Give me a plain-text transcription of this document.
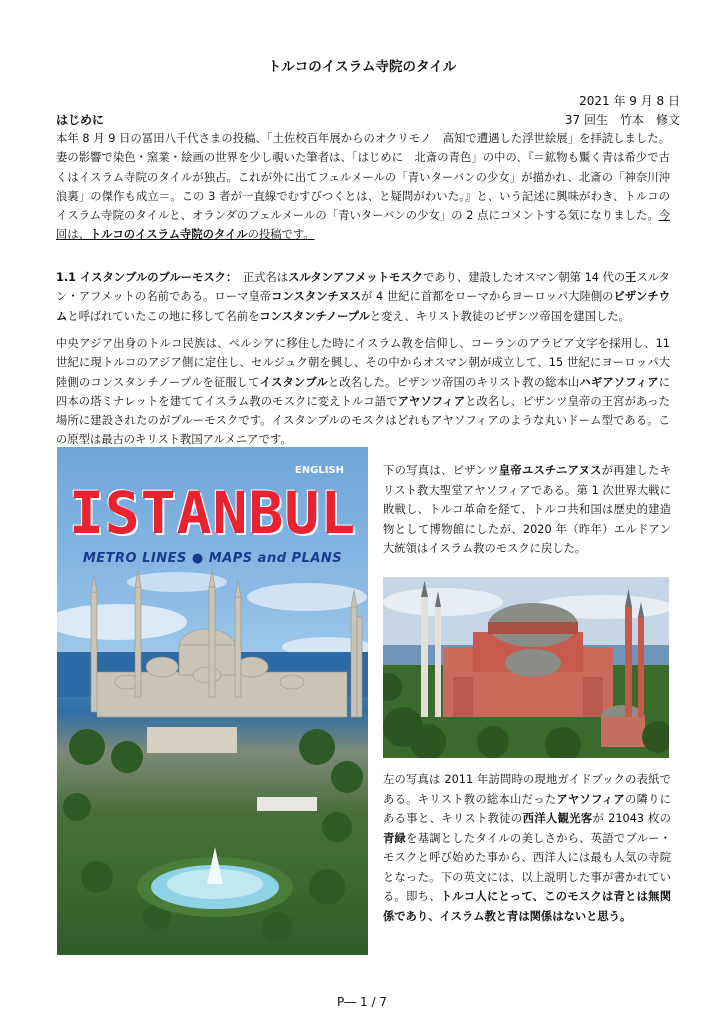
トルコのイスラム寺院のタイル
2021 年 9 月 8 日
はじめに	37 回生　竹本　修文
本年 8 月 9 日の冨田八千代さまの投稿、「土佐校百年展からのオクリモノ　高知で遭遇した浮世絵展」を拝読しました。妻の影響で染色・窯業・絵画の世界を少し覗いた筆者は、「はじめに　北斎の青色」の中の、『＝鉱物も黶く青は希少で古くはイスラム寺院のタイルが独占。これが外に出てフェルメールの「青いターバンの少女」が描かれ、北斎の「神奈川沖浪裏」の傑作も成立＝。この 3 者が一直線でむすびつくとは、と疑問がわいた。』と、いう記述に興味がわき、トルコのイスラム寺院のタイルと、オランダのフェルメールの「青いターバンの少女」の 2 点にコメントする気になりました。今回は、トルコのイスラム寺院のタイルの投稿です。
1.1 イスタンブルのブルーモスク：　正式名はスルタンアフメットモスクであり、建設したオスマン朝第 14 代の王スルタン・アフメットの名前である。ローマ皇帝コンスタンチヌスが 4 世紀に首都をローマからヨーロッパ大陸側のビザンチウムと呼ばれていたこの地に移して名前をコンスタンチノープルと変え、キリスト教徒のビザンツ帝国を建国した。
中央アジア出身のトルコ民族は、ペルシアに移住した時にイスラム教を信仰し、コーランのアラビア文字を採用し、11 世紀に現トルコのアジア側に定住し、セルジュク朝を興し、その中からオスマン朝が成立して、15 世紀にヨーロッパ大陸側のコンスタンチノープルを征服してイスタンブルと改名した。ビザンツ帝国のキリスト教の総本山ハギアソフィアに四本の塔ミナレットを建ててイスラム教のモスクに変えトルコ語でアヤソフィアと改名し、ビザンツ皇帝の王宮があった場所に建設されたのがブルーモスクです。イスタンブルのモスクはどれもアヤソフィアのような丸いドーム型である。この原型は最古のキリスト教国アルメニアです。
ENGLISH
ISTANBUL
METRO LINES ● MAPS and PLANS
下の写真は、ビザンツ皇帝ユスチニアヌスが再建したキリスト教大聖堂アヤソフィアである。第 1 次世界大戦に敗戦し、トルコ革命を経て、トルコ共和国は歴史的建造物として博物館にしたが、2020 年（昨年）エルドアン大統領はイスラム教のモスクに戻した。
左の写真は 2011 年訪問時の現地ガイドブックの表紙である。キリスト教の総本山だったアヤソフィアの隣りにある事と、キリスト教徒の西洋人観光客が 21043 枚の青緑を基調としたタイルの美しさから、英語でブルー・モスクと呼び始めた事から、西洋人には最も人気の寺院となった。下の英文には、以上説明した事が書かれている。即ち、トルコ人にとって、このモスクは青とは無関係であり、イスラム教と青は関係はないと思う。
P― 1 / 7
